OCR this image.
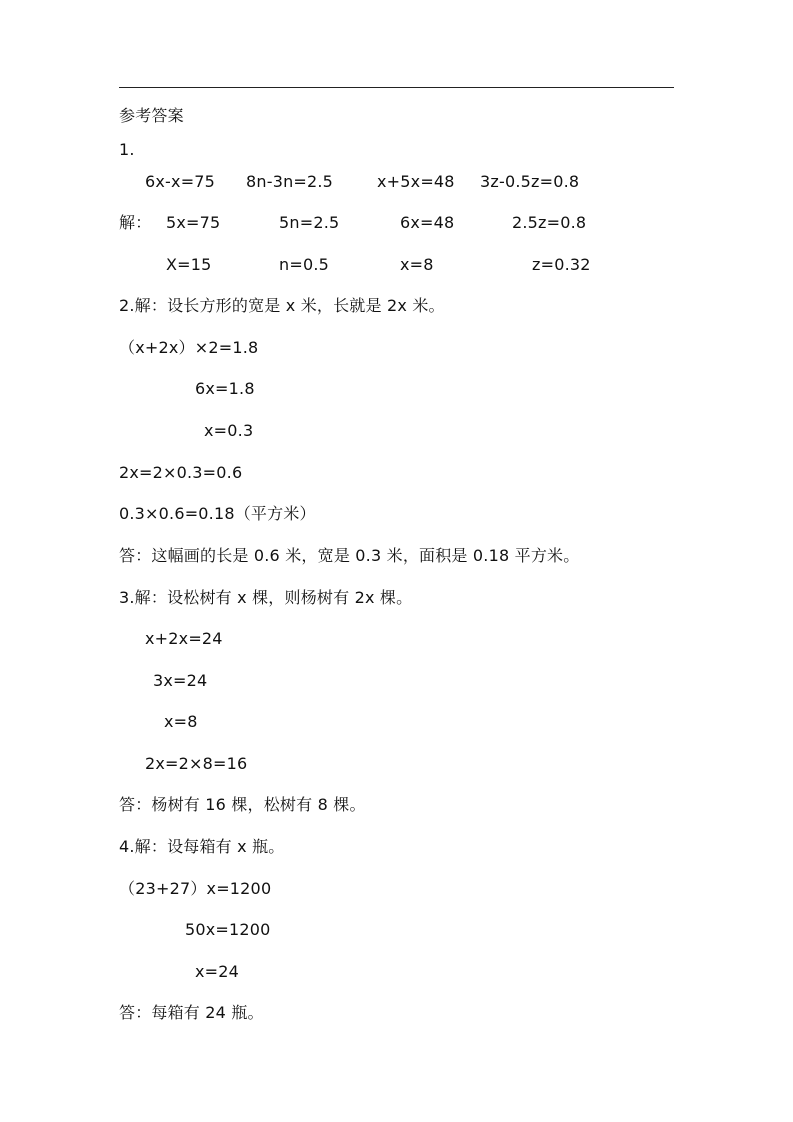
参考答案
1.
6x-x=75 8n-3n=2.5	x+5x=48 3z-0.5z=0.8
解： 5x=75	5n=2.5	6x=48	2.5z=0.8
X=15	n=0.5	x=8	z=0.32
2.解：设长方形的宽是 x 米，长就是 2x 米。
（x+2x）×2=1.8
6x=1.8
x=0.3
2x=2×0.3=0.6
0.3×0.6=0.18（平方米）
答：这幅画的长是 0.6 米，宽是 0.3 米，面积是 0.18 平方米。
3.解：设松树有 x 棵，则杨树有 2x 棵。
x+2x=24
3x=24
x=8
2x=2×8=16
答：杨树有 16 棵，松树有 8 棵。
4.解：设每箱有 x 瓶。
（23+27）x=1200
50x=1200
x=24
答：每箱有 24 瓶。
